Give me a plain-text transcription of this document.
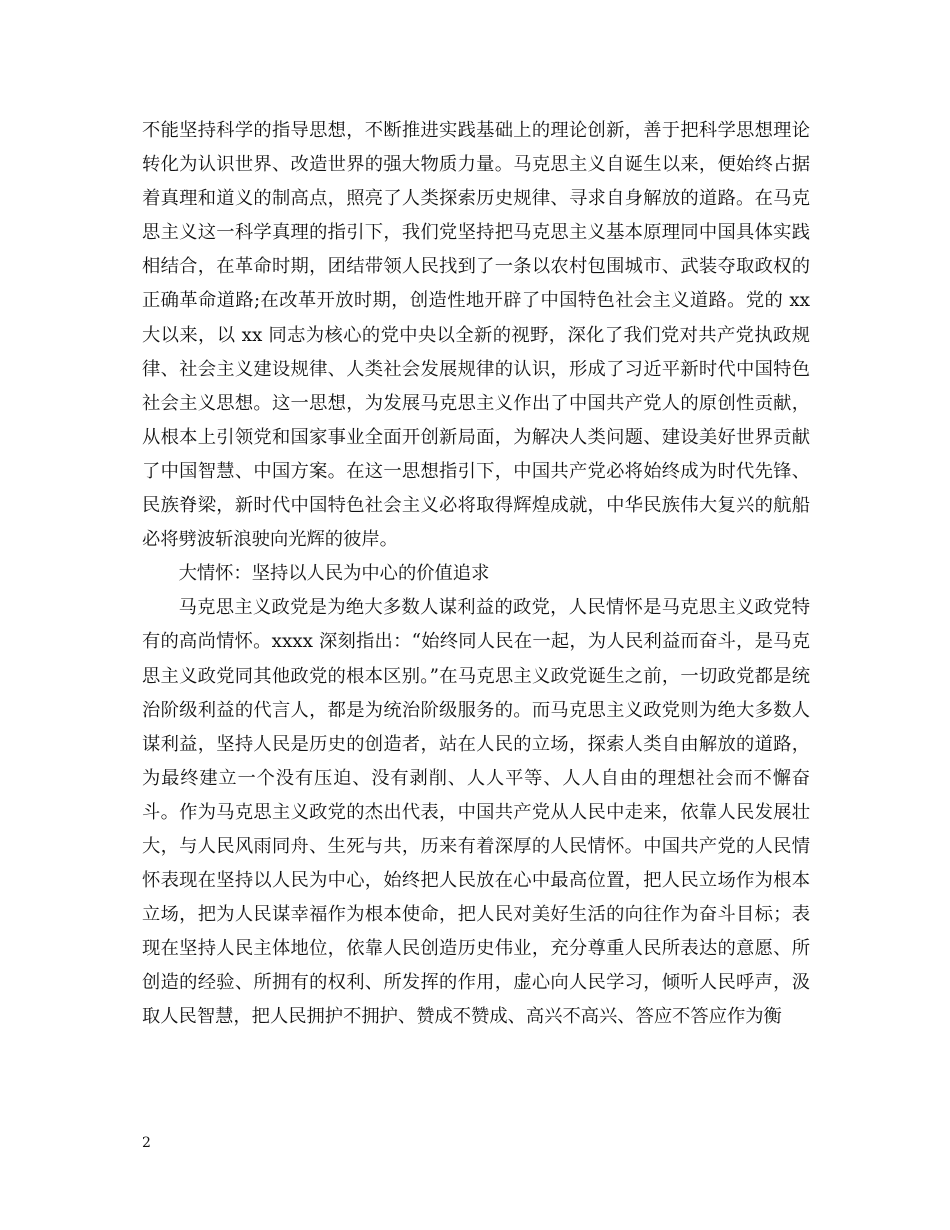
不能坚持科学的指导思想，不断推进实践基础上的理论创新，善于把科学思想理论转化为认识世界、改造世界的强大物质力量。马克思主义自诞生以来，便始终占据着真理和道义的制高点，照亮了人类探索历史规律、寻求自身解放的道路。在马克思主义这一科学真理的指引下，我们党坚持把马克思主义基本原理同中国具体实践相结合，在革命时期，团结带领人民找到了一条以农村包围城市、武装夺取政权的正确革命道路;在改革开放时期，创造性地开辟了中国特色社会主义道路。党的 xx 大以来，以 xx 同志为核心的党中央以全新的视野，深化了我们党对共产党执政规律、社会主义建设规律、人类社会发展规律的认识，形成了习近平新时代中国特色社会主义思想。这一思想，为发展马克思主义作出了中国共产党人的原创性贡献，从根本上引领党和国家事业全面开创新局面，为解决人类问题、建设美好世界贡献了中国智慧、中国方案。在这一思想指引下，中国共产党必将始终成为时代先锋、民族脊梁，新时代中国特色社会主义必将取得辉煌成就，中华民族伟大复兴的航船必将劈波斩浪驶向光辉的彼岸。

大情怀：坚持以人民为中心的价值追求

马克思主义政党是为绝大多数人谋利益的政党，人民情怀是马克思主义政党特有的高尚情怀。xxxx 深刻指出：“始终同人民在一起，为人民利益而奋斗，是马克思主义政党同其他政党的根本区别。”在马克思主义政党诞生之前，一切政党都是统治阶级利益的代言人，都是为统治阶级服务的。而马克思主义政党则为绝大多数人谋利益，坚持人民是历史的创造者，站在人民的立场，探索人类自由解放的道路，为最终建立一个没有压迫、没有剥削、人人平等、人人自由的理想社会而不懈奋斗。作为马克思主义政党的杰出代表，中国共产党从人民中走来，依靠人民发展壮大，与人民风雨同舟、生死与共，历来有着深厚的人民情怀。中国共产党的人民情怀表现在坚持以人民为中心，始终把人民放在心中最高位置，把人民立场作为根本立场，把为人民谋幸福作为根本使命，把人民对美好生活的向往作为奋斗目标；表现在坚持人民主体地位，依靠人民创造历史伟业，充分尊重人民所表达的意愿、所创造的经验、所拥有的权利、所发挥的作用，虚心向人民学习，倾听人民呼声，汲取人民智慧，把人民拥护不拥护、赞成不赞成、高兴不高兴、答应不答应作为衡

2
